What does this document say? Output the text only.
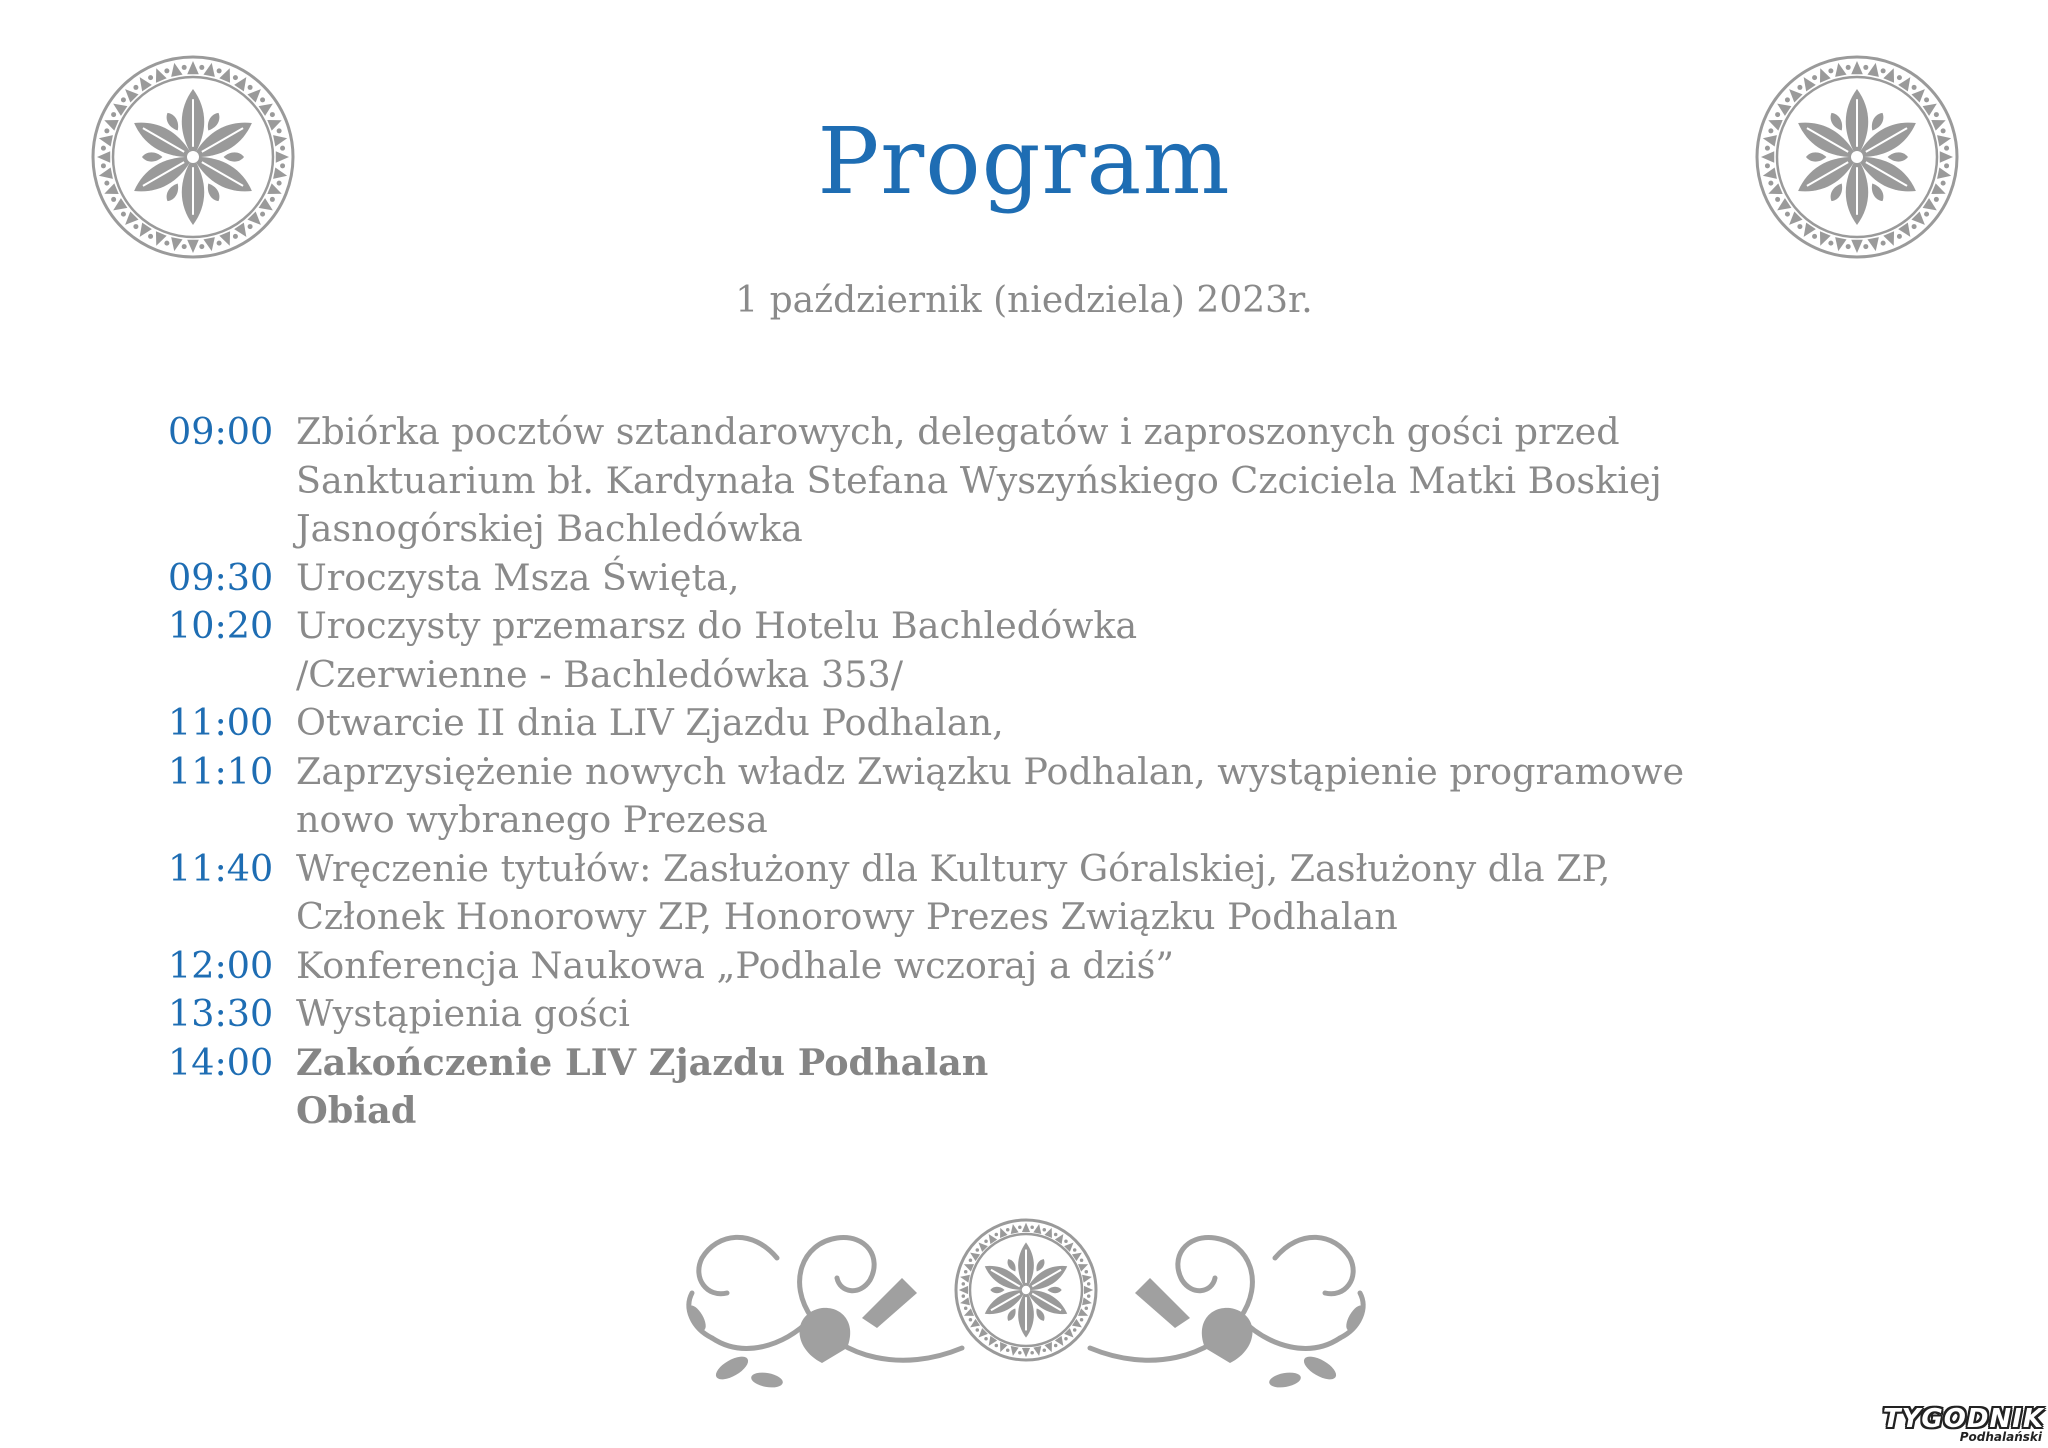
Program
1 październik (niedziela) 2023r.
09:00 Zbiórka pocztów sztandarowych, delegatów i zaproszonych gości przed
Sanktuarium bł. Kardynała Stefana Wyszyńskiego Czciciela Matki Boskiej
Jasnogórskiej Bachledówka
09:30 Uroczysta Msza Święta,
10:20 Uroczysty przemarsz do Hotelu Bachledówka
/Czerwienne - Bachledówka 353/
11:00 Otwarcie II dnia LIV Zjazdu Podhalan,
11:10 Zaprzysiężenie nowych władz Związku Podhalan, wystąpienie programowe
nowo wybranego Prezesa
11:40 Wręczenie tytułów: Zasłużony dla Kultury Góralskiej, Zasłużony dla ZP,
Członek Honorowy ZP, Honorowy Prezes Związku Podhalan
12:00 Konferencja Naukowa „Podhale wczoraj a dziś”
13:30 Wystąpienia gości
14:00 Zakończenie LIV Zjazdu Podhalan
Obiad
TYGODNIK
Podhalański
